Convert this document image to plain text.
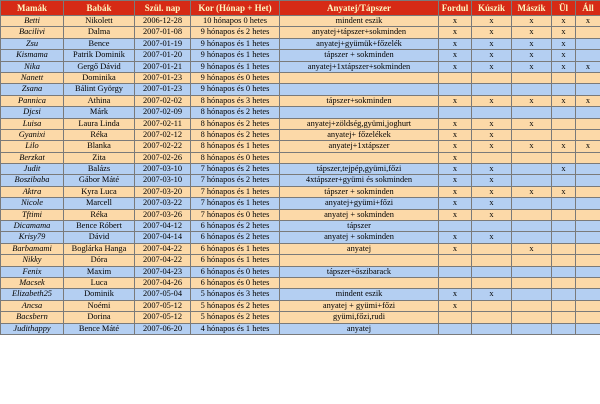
Mamák	Babák	Szül. nap	Kor (Hónap + Het)	Anyatej/Tápszer	Fordul	Kúszik	Mászik	Ül	Áll
Betti	Nikolett	2006-12-28	10 hónapos 0 hetes	mindent eszik	x	x	x	x	x
Bacilivi	Dalma	2007-01-08	9 hónapos és 2 hetes	anyatej+tápszer+sokminden	x	x	x	x	
Zsu	Bence	2007-01-19	9 hónapos és 1 hetes	anyatej+gyümük+főzelék	x	x	x	x	
Kismama	Patrik Dominik	2007-01-20	9 hónapos és 1 hetes	tápszer + sokminden	x	x	x	x	
Nika	Gergő Dávid	2007-01-21	9 hónapos és 1 hetes	anyatej+1xtápszer+sokminden	x	x	x	x	x
Nanett	Dominika	2007-01-23	9 hónapos és 0 hetes						
Zsana	Bálint György	2007-01-23	9 hónapos és 0 hetes						
Pannica	Athina	2007-02-02	8 hónapos és 3 hetes	tápszer+sokminden	x	x	x	x	x
Djcsi	Márk	2007-02-09	8 hónapos és 2 hetes						
Luisa	Laura Linda	2007-02-11	8 hónapos és 2 hetes	anyatej+zöldség,gyümi,joghurt	x	x	x		
Gyanixi	Réka	2007-02-12	8 hónapos és 2 hetes	anyatej+ főzelékek	x	x			
Lilo	Blanka	2007-02-22	8 hónapos és 1 hetes	anyatej+1xtápszer	x	x	x	x	x
Berzkat	Zita	2007-02-26	8 hónapos és 0 hetes		x				
Judit	Balázs	2007-03-10	7 hónapos és 2 hetes	tápszer,tejpép,gyümi,főzi	x	x		x	
Boszibaba	Gábor Máté	2007-03-10	7 hónapos és 2 hetes	4xtápszer+gyümi és sokminden	x	x			
Aktra	Kyra Luca	2007-03-20	7 hónapos és 1 hetes	tápszer + sokminden	x	x	x	x	
Nicole	Marcell	2007-03-22	7 hónapos és 1 hetes	anyatej+gyümi+főzi	x	x			
Tftimi	Réka	2007-03-26	7 hónapos és 0 hetes	anyatej + sokminden	x	x			
Dicamama	Bence Róbert	2007-04-12	6 hónapos és 2 hetes	tápszer					
Krisy79	Dávid	2007-04-14	6 hónapos és 2 hetes	anyatej + sokminden	x	x			
Barbamami	Boglárka Hanga	2007-04-22	6 hónapos és 1 hetes	anyatej	x		x		
Nikky	Dóra	2007-04-22	6 hónapos és 1 hetes						
Fenix	Maxim	2007-04-23	6 hónapos és 0 hetes	tápszer+őszibarack					
Macsek	Luca	2007-04-26	6 hónapos és 0 hetes						
Elizabeth25	Dominik	2007-05-04	5 hónapos és 3 hetes	mindent eszik	x	x			
Ancsa	Noémi	2007-05-12	5 hónapos és 2 hetes	anyatej + gyümi+főzi	x				
Bacsbern	Dorina	2007-05-12	5 hónapos és 2 hetes	gyümi,főzi,rudi					
Judithappy	Bence Máté	2007-06-20	4 hónapos és 1 hetes	anyatej					
